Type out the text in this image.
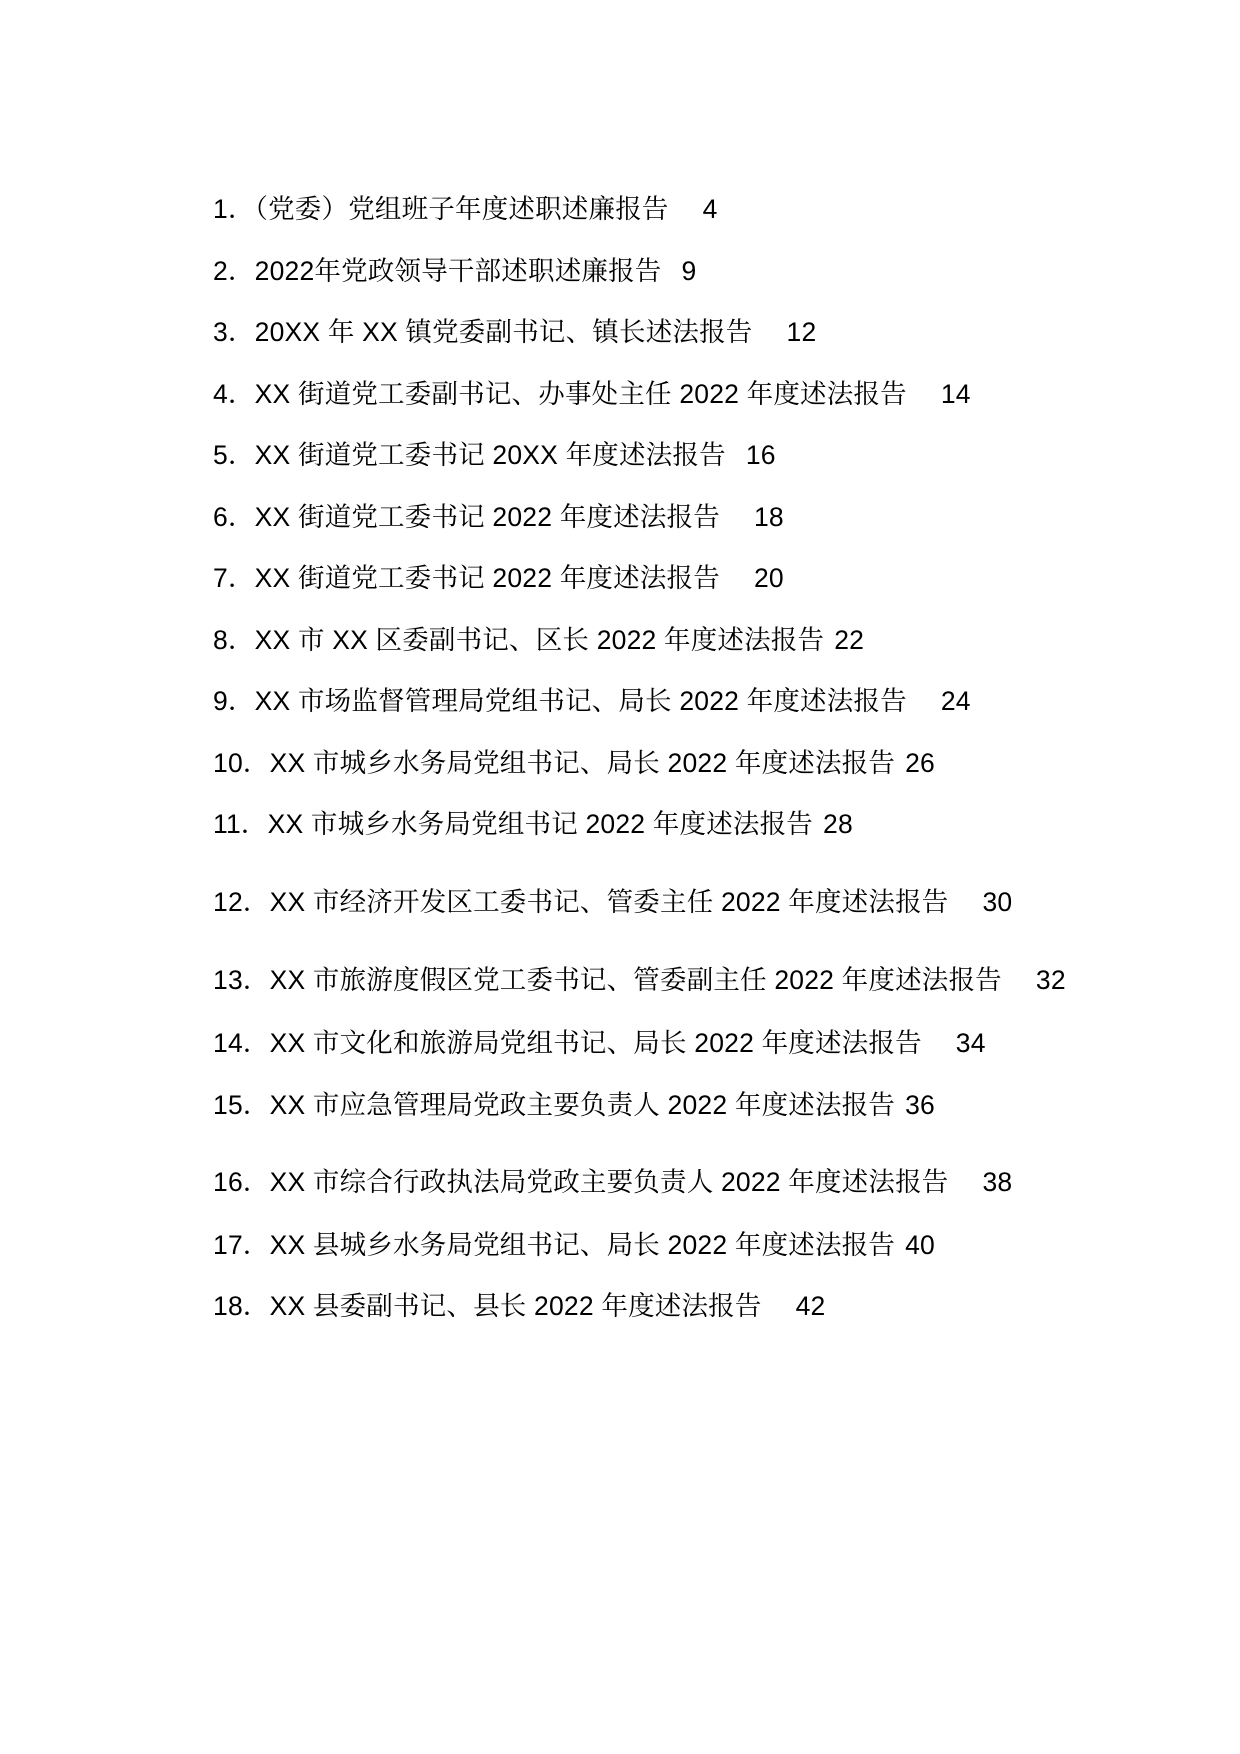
1．（党委）党组班子年度述职述廉报告 4
2．2022年党政领导干部述职述廉报告 9
3．20XX 年 XX 镇党委副书记、镇长述法报告 12
4．XX 街道党工委副书记、办事处主任 2022 年度述法报告 14
5．XX 街道党工委书记 20XX 年度述法报告 16
6．XX 街道党工委书记 2022 年度述法报告 18
7．XX 街道党工委书记 2022 年度述法报告 20
8．XX 市 XX 区委副书记、区长 2022 年度述法报告 22
9．XX 市场监督管理局党组书记、局长 2022 年度述法报告 24
10．XX 市城乡水务局党组书记、局长 2022 年度述法报告 26
11．XX 市城乡水务局党组书记 2022 年度述法报告 28
12．XX 市经济开发区工委书记、管委主任 2022 年度述法报告 30
13．XX 市旅游度假区党工委书记、管委副主任 2022 年度述法报告 32
14．XX 市文化和旅游局党组书记、局长 2022 年度述法报告 34
15．XX 市应急管理局党政主要负责人 2022 年度述法报告 36
16．XX 市综合行政执法局党政主要负责人 2022 年度述法报告 38
17．XX 县城乡水务局党组书记、局长 2022 年度述法报告 40
18．XX 县委副书记、县长 2022 年度述法报告 42
